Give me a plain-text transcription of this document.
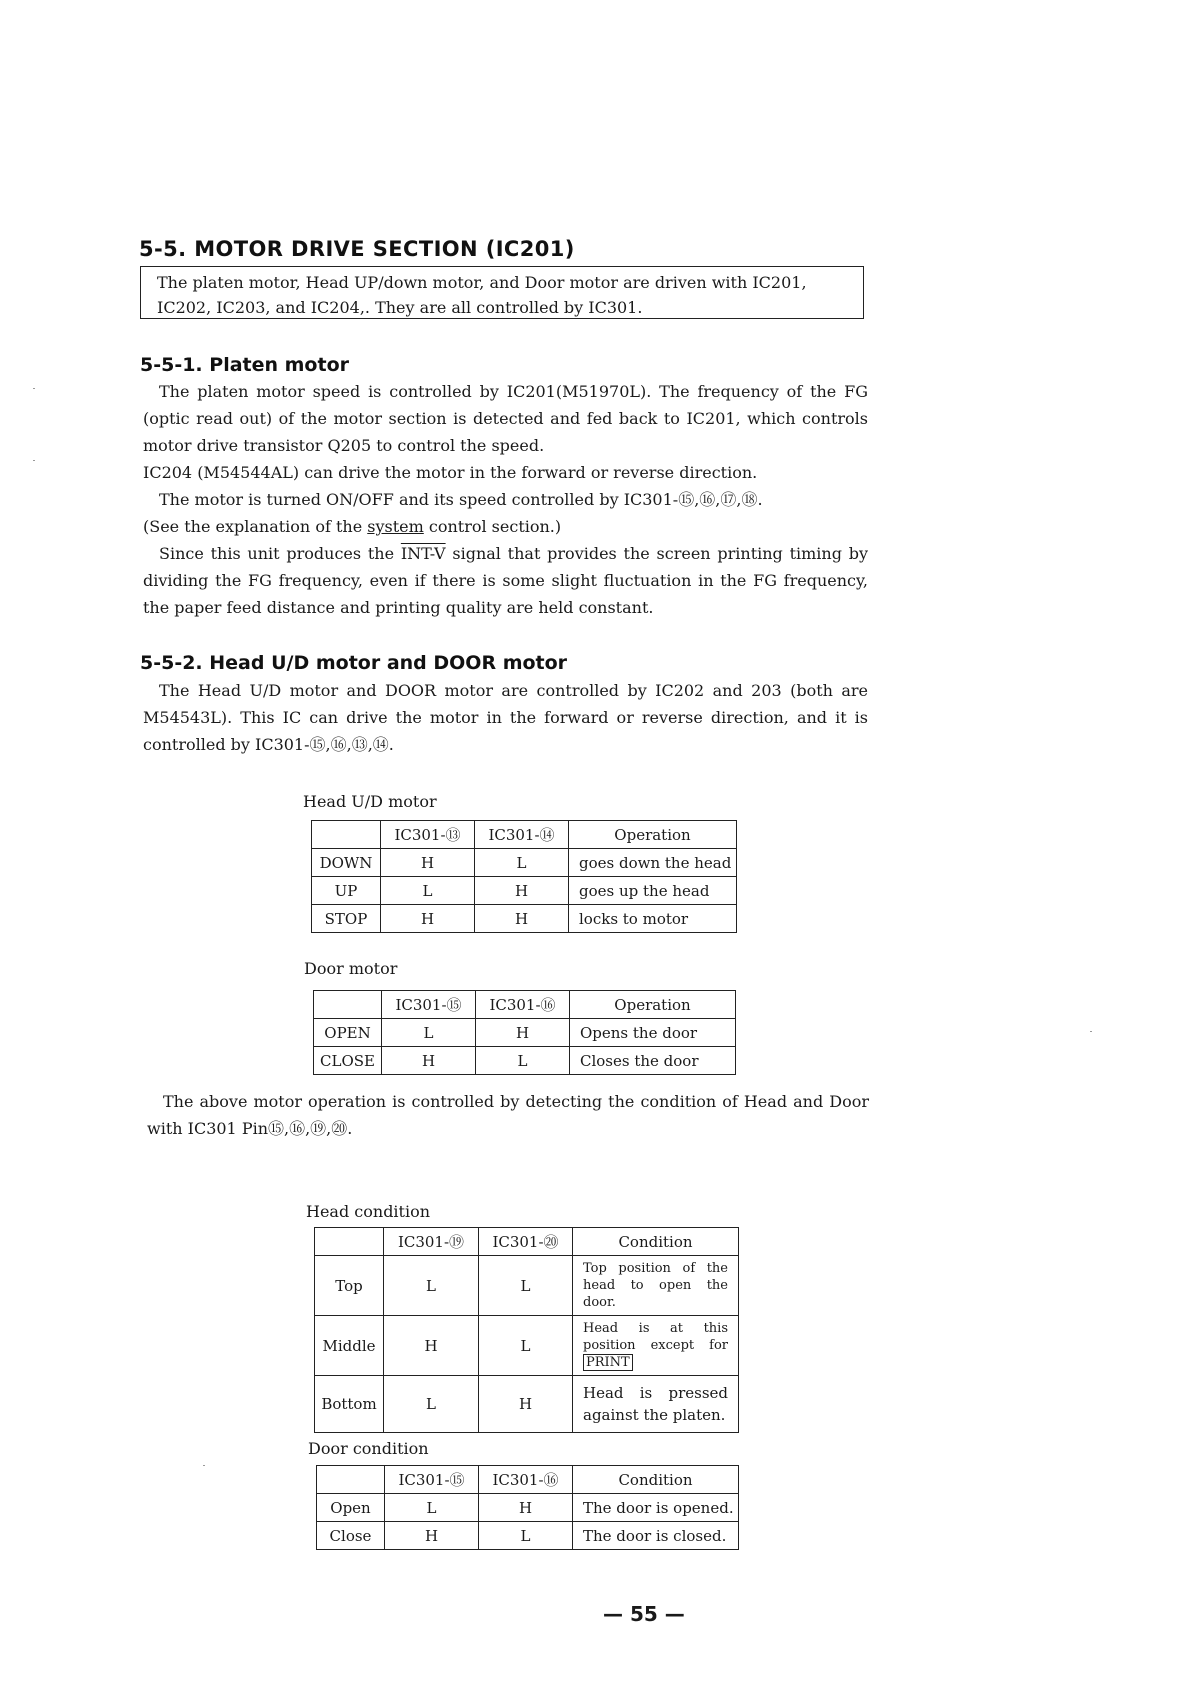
5-5. MOTOR DRIVE SECTION (IC201)
The platen motor, Head UP/down motor, and Door motor are driven with IC201,
IC202, IC203, and IC204,. They are all controlled by IC301.
5-5-1. Platen motor

The platen motor speed is controlled by IC201(M51970L). The frequency of the FG (optic read out) of the motor section is detected and fed back to IC201, which controls motor drive transistor Q205 to control the speed.

IC204 (M54544AL) can drive the motor in the forward or reverse direction.

The motor is turned ON/OFF and its speed controlled by IC301-⑮,⑯,⑰,⑱.

(See the explanation of the system control section.)

Since this unit produces the INT-V signal that provides the screen printing timing by dividing the FG frequency, even if there is some slight fluctuation in the FG frequency, the paper feed distance and printing quality are held constant.

5-5-2. Head U/D motor and DOOR motor

The Head U/D motor and DOOR motor are controlled by IC202 and 203 (both are M54543L). This IC can drive the motor in the forward or reverse direction, and it is controlled by IC301-⑮,⑯,⑬,⑭.

Head U/D motor
	IC301-⑬	IC301-⑭	Operation
DOWN	H	L	goes down the head
UP	L	H	goes up the head
STOP	H	H	locks to motor
Door motor
	IC301-⑮	IC301-⑯	Operation
OPEN	L	H	Opens the door
CLOSE	H	L	Closes the door

The above motor operation is controlled by detecting the condition of Head and Door with IC301 Pin⑮,⑯,⑲,⑳.

Head condition
	IC301-⑲	IC301-⑳	Condition
Top	L	L	Top position of the head to open the door.
Middle	H	L	Head is at this position except for PRINT
Bottom	L	H	Head is pressed against the platen.
Door condition
	IC301-⑮	IC301-⑯	Condition
Open	L	H	The door is opened.
Close	H	L	The door is closed.
— 55 —
